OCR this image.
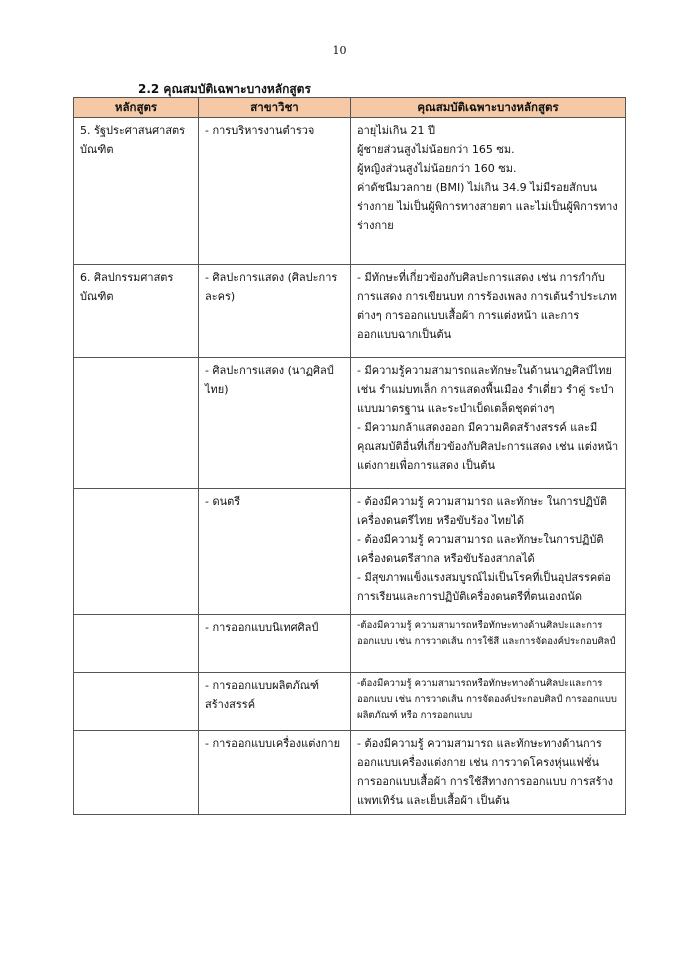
10
2.2 คุณสมบัติเฉพาะบางหลักสูตร
หลักสูตร	สาขาวิชา	คุณสมบัติเฉพาะบางหลักสูตร
5. รัฐประศาสนศาสตรบัณฑิต	- การบริหารงานตำรวจ	อายุไม่เกิน 21 ปี
ผู้ชายส่วนสูงไม่น้อยกว่า 165 ซม.
ผู้หญิงส่วนสูงไม่น้อยกว่า 160 ซม.
ค่าดัชนีมวลกาย (BMI) ไม่เกิน 34.9 ไม่มีรอยสักบนร่างกาย ไม่เป็นผู้พิการทางสายตา และไม่เป็นผู้พิการทางร่างกาย

6. ศิลปกรรมศาสตรบัณฑิต	- ศิลปะการแสดง (ศิลปะการละคร)	- มีทักษะที่เกี่ยวข้องกับศิลปะการแสดง เช่น การกำกับการแสดง การเขียนบท การร้องเพลง การเต้นรำประเภทต่างๆ การออกแบบเสื้อผ้า การแต่งหน้า และการออกแบบฉากเป็นต้น

	- ศิลปะการแสดง (นาฏศิลป์ไทย)	- มีความรู้ความสามารถและทักษะในด้านนาฏศิลป์ไทย เช่น รำแม่บทเล็ก การแสดงพื้นเมือง รำเดี่ยว รำคู่ ระบำแบบมาตรฐาน และระบำเบ็ดเตล็ดชุดต่างๆ
- มีความกล้าแสดงออก มีความคิดสร้างสรรค์ และมีคุณสมบัติอื่นที่เกี่ยวข้องกับศิลปะการแสดง เช่น แต่งหน้า แต่งกายเพื่อการแสดง เป็นต้น

	- ดนตรี	- ต้องมีความรู้ ความสามารถ และทักษะ ในการปฏิบัติเครื่องดนตรีไทย หรือขับร้อง ไทยได้
- ต้องมีความรู้ ความสามารถ และทักษะในการปฏิบัติเครื่องดนตรีสากล หรือขับร้องสากลได้
- มีสุขภาพแข็งแรงสมบูรณ์ไม่เป็นโรคที่เป็นอุปสรรคต่อการเรียนและการปฏิบัติเครื่องดนตรีที่ตนเองถนัด

	- การออกแบบนิเทศศิลป์	-ต้องมีความรู้ ความสามารถหรือทักษะทางด้านศิลปะและการออกแบบ เช่น การวาดเส้น การใช้สี และการจัดองค์ประกอบศิลป์

	- การออกแบบผลิตภัณฑ์สร้างสรรค์	-ต้องมีความรู้ ความสามารถหรือทักษะทางด้านศิลปะและการออกแบบ เช่น การวาดเส้น การจัดองค์ประกอบศิลป์ การออกแบบผลิตภัณฑ์ หรือ การออกแบบ

	- การออกแบบเครื่องแต่งกาย	- ต้องมีความรู้ ความสามารถ และทักษะทางด้านการออกแบบเครื่องแต่งกาย เช่น การวาดโครงหุ่นแฟชั่น การออกแบบเสื้อผ้า การใช้สีทางการออกแบบ การสร้างแพทเทิร์น และเย็บเสื้อผ้า เป็นต้น
